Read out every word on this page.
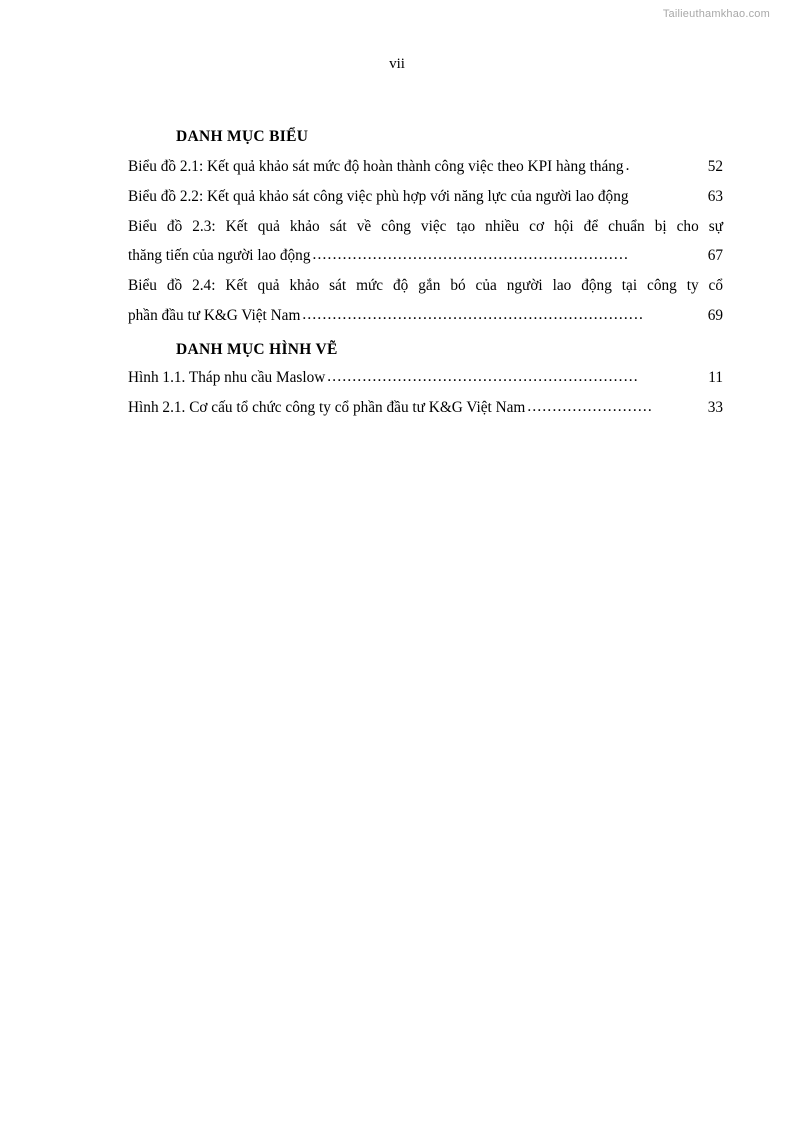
Tailieuthamkhao.com
vii
DANH MỤC BIỂU
Biểu đồ 2.1: Kết quả khảo sát mức độ hoàn thành công việc theo KPI hàng tháng .	52
Biểu đồ 2.2: Kết quả khảo sát công việc phù hợp với năng lực của người lao động	63
Biểu đồ 2.3: Kết quả khảo sát về công việc tạo nhiều cơ hội để chuẩn bị cho sự
thăng tiến của người lao động ...............................................................	67
Biểu đồ 2.4: Kết quả khảo sát mức độ gắn bó của người lao động tại công ty cổ
phần đầu tư K&G Việt Nam ....................................................................	69
DANH MỤC HÌNH VẼ
Hình 1.1. Tháp nhu cầu Maslow ..............................................................	11
Hình 2.1. Cơ cấu tổ chức công ty cổ phần đầu tư K&G Việt Nam .........................	33
